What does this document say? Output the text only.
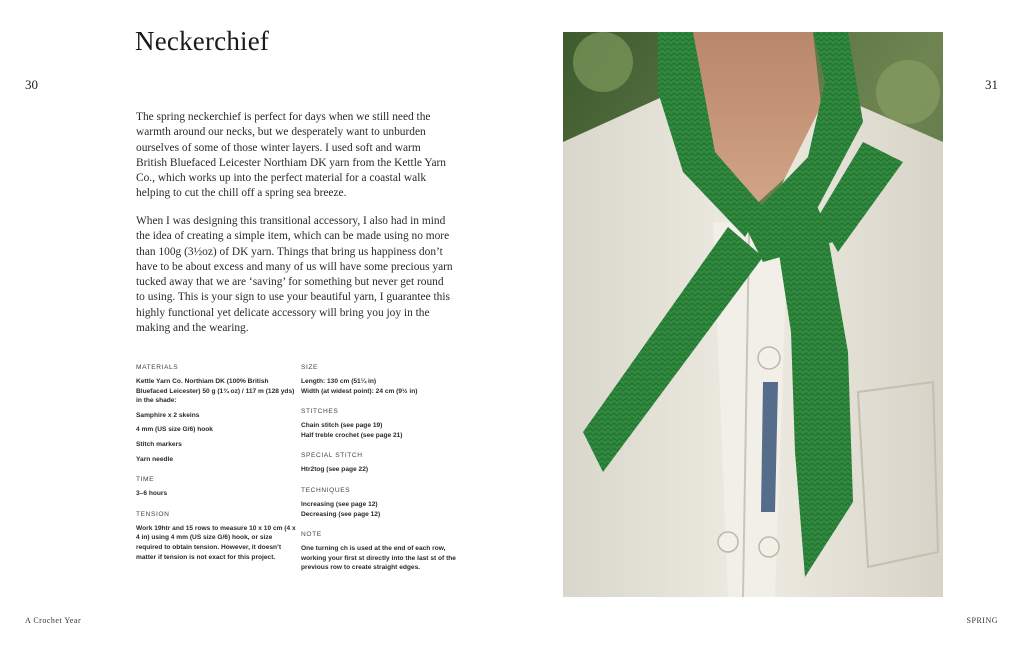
30	31
Neckerchief

The spring neckerchief is perfect for days when we still need the warmth around our necks, but we desperately want to unburden ourselves of some of those winter layers. I used soft and warm British Bluefaced Leicester Northiam DK yarn from the Kettle Yarn Co., which works up into the perfect material for a coastal walk helping to cut the chill off a spring sea breeze.

When I was designing this transitional accessory, I also had in mind the idea of creating a simple item, which can be made using no more than 100g (3½oz) of DK yarn. Things that bring us happiness don’t have to be about excess and many of us will have some precious yarn tucked away that we are ‘saving’ for something but never get round to using. This is your sign to use your beautiful yarn, I guarantee this highly functional yet delicate accessory will bring you joy in the making and the wearing.

MATERIALS
Kettle Yarn Co. Northiam DK (100% British Bluefaced Leicester) 50 g (1¾ oz) / 117 m (128 yds) in the shade:
Samphire x 2 skeins
4 mm (US size G/6) hook
Stitch markers
Yarn needle
TIME
3–6 hours
TENSION
Work 19htr and 15 rows to measure 10 x 10 cm (4 x 4 in) using 4 mm (US size G/6) hook, or size required to obtain tension. However, it doesn’t matter if tension is not exact for this project.
SIZE
Length: 130 cm (51¼ in)
Width (at widest point): 24 cm (9½ in)
STITCHES
Chain stitch (see page 19)
Half treble crochet (see page 21)
SPECIAL STITCH
Htr2tog (see page 22)
TECHNIQUES
Increasing (see page 12)
Decreasing (see page 12)
NOTE
One turning ch is used at the end of each row, working your first st directly into the last st of the previous row to create straight edges.
A Crochet Year	SPRING
